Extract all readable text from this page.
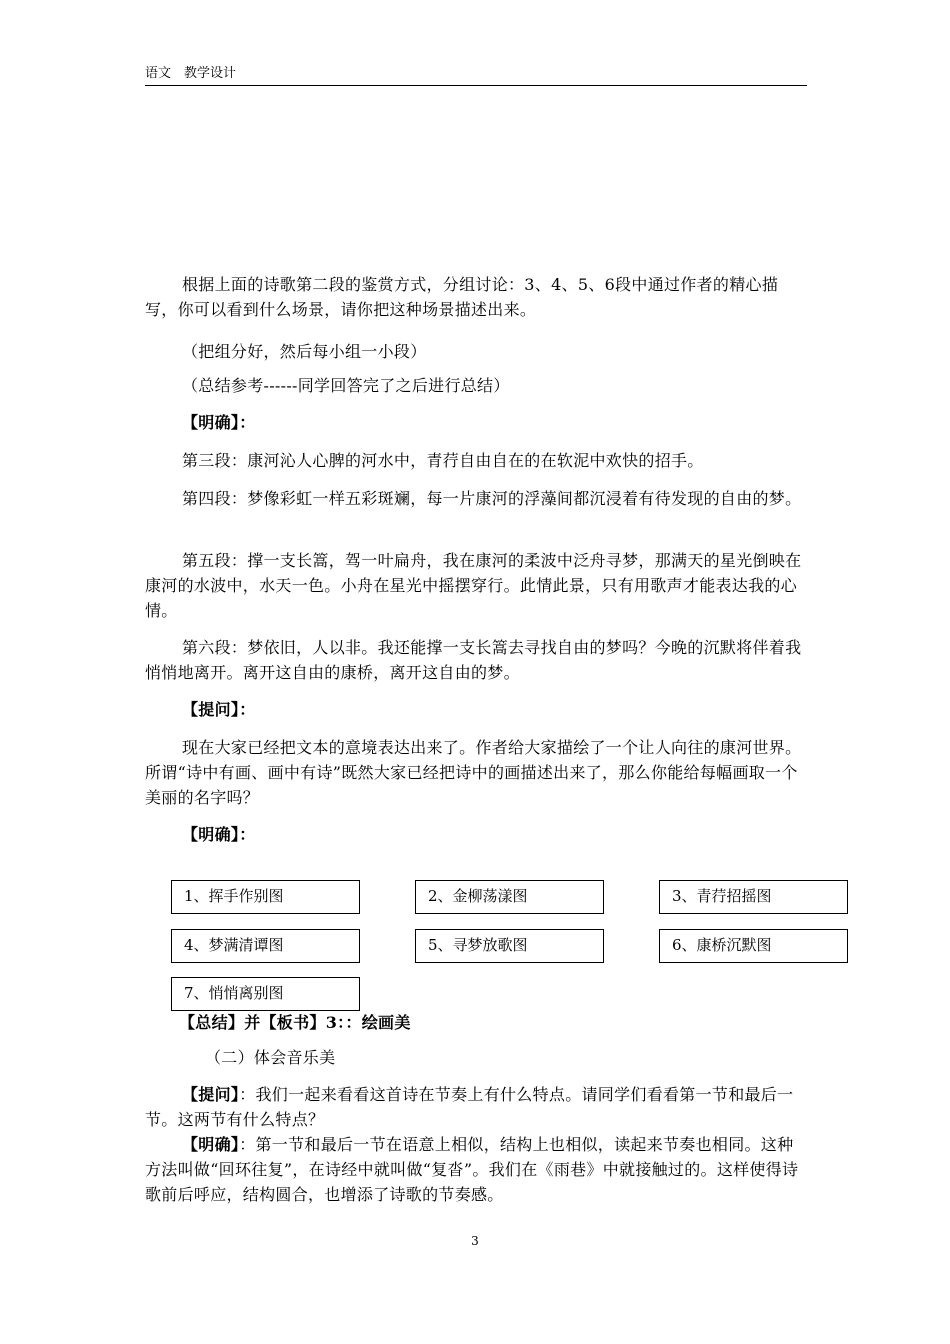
语文　教学设计

根据上面的诗歌第二段的鉴赏方式，分组讨论：3、4、5、6段中通过作者的精心描写，你可以看到什么场景，请你把这种场景描述出来。

（把组分好，然后每小组一小段）

（总结参考------同学回答完了之后进行总结）

【明确】：

第三段：康河沁人心脾的河水中，青荇自由自在的在软泥中欢快的招手。

第四段：梦像彩虹一样五彩斑斓，每一片康河的浮藻间都沉浸着有待发现的自由的梦。

第五段：撑一支长篙，驾一叶扁舟，我在康河的柔波中泛舟寻梦，那满天的星光倒映在康河的水波中，水天一色。小舟在星光中摇摆穿行。此情此景，只有用歌声才能表达我的心情。

第六段：梦依旧，人以非。我还能撑一支长篙去寻找自由的梦吗？今晚的沉默将伴着我悄悄地离开。离开这自由的康桥，离开这自由的梦。

【提问】：

现在大家已经把文本的意境表达出来了。作者给大家描绘了一个让人向往的康河世界。所谓“诗中有画、画中有诗”既然大家已经把诗中的画描述出来了，那么你能给每幅画取一个美丽的名字吗？

【明确】：

1、挥手作别图	2、金柳荡漾图	3、青荇招摇图
4、梦满清谭图	5、寻梦放歌图	6、康桥沉默图
7、悄悄离别图

【总结】并【板书】3：：绘画美

（二）体会音乐美

【提问】：我们一起来看看这首诗在节奏上有什么特点。请同学们看看第一节和最后一节。这两节有什么特点？

【明确】：第一节和最后一节在语意上相似，结构上也相似，读起来节奏也相同。这种方法叫做“回环往复”，在诗经中就叫做“复沓”。我们在《雨巷》中就接触过的。这样使得诗歌前后呼应，结构圆合，也增添了诗歌的节奏感。

3
